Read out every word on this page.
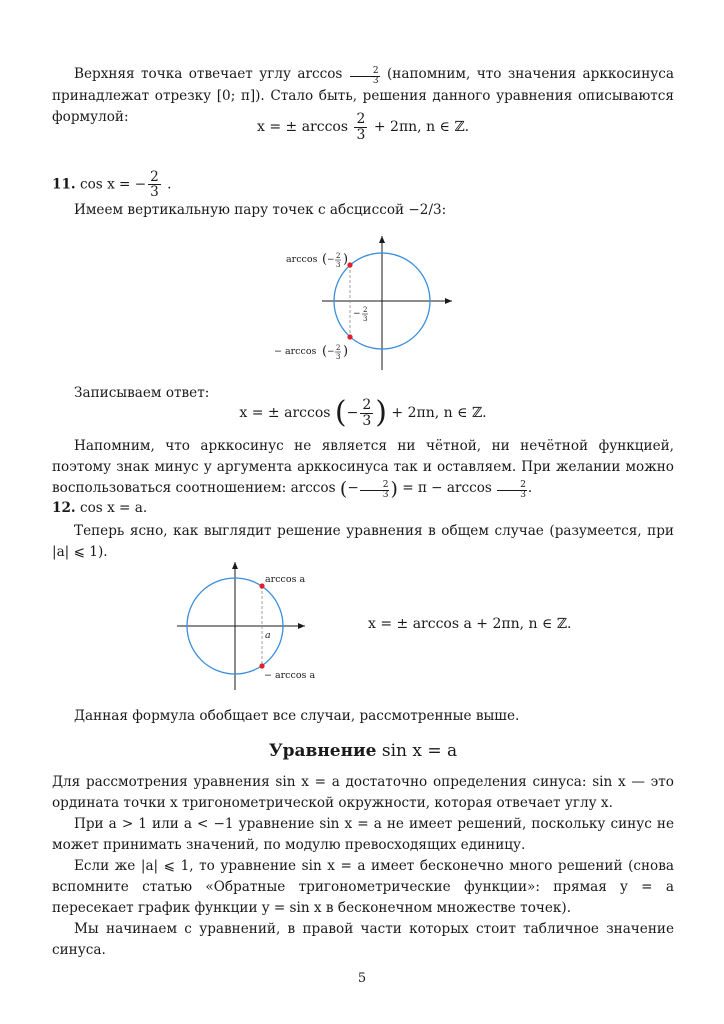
Верхняя точка отвечает углу $\arccos \frac{2}{3}$ (напомним, что значения арккосинуса принадлежат отрезку [0; π]). Стало быть, решения данного уравнения описываются формулой:
x = ± $\arccos \frac{2}{3} + 2\pi n$, n ∈ ℤ.
11. cos x = − $\frac{2}{3}$ .
Имеем вертикальную пару точек с абсциссой −2/3:
arccos ( − 2
3 )
− arccos ( − 2
3 )
− 2
3
Записываем ответ:
x = ± arccos (− $\frac{2}{3}$ ) + 2πn, n ∈ ℤ.
Напомним, что арккосинус не является ни чётной, ни нечётной функцией, поэтому знак минус у аргумента арккосинуса так и оставляем. При желании можно воспользоваться соотношением: arccos (− $\frac{2}{3}$ ) = $\pi - \arccos \frac{2}{3}$ .
12. cos x = a.
Теперь ясно, как выглядит решение уравнения в общем случае (разумеется, при |a| ⩽ 1).
arccos a
− arccos a
a
x = ± arccos a + 2πn, n ∈ ℤ.
Данная формула обобщает все случаи, рассмотренные выше.
Уравнение sin x = a
Для рассмотрения уравнения sin x = a достаточно определения синуса: sin x — это ордината точки x тригонометрической окружности, которая отвечает углу x.
При a > 1 или a < −1 уравнение sin x = a не имеет решений, поскольку синус не может принимать значений, по модулю превосходящих единицу.
Если же |a| ⩽ 1, то уравнение sin x = a имеет бесконечно много решений (снова вспомните статью «Обратные тригонометрические функции»: прямая y = a пересекает график функции y = sin x в бесконечном множестве точек).
Мы начинаем с уравнений, в правой части которых стоит табличное значение синуса.
5
